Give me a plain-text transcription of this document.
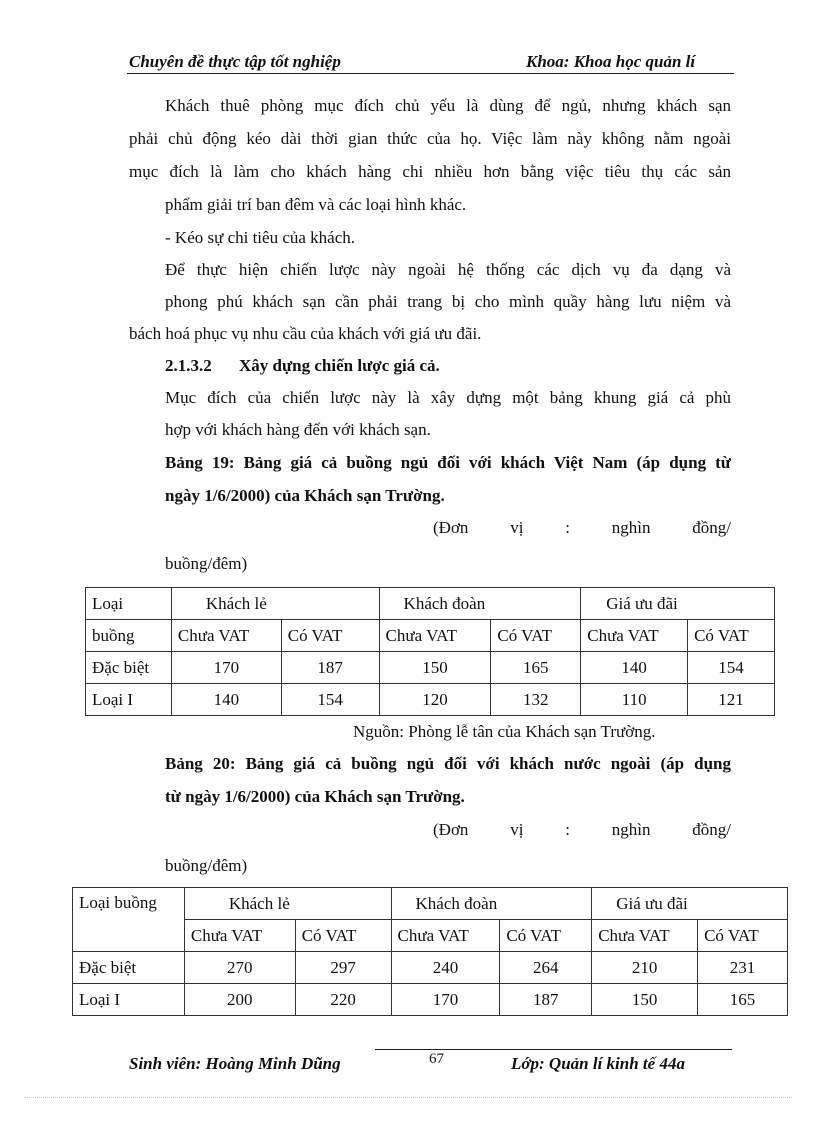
Chuyên đề thực tập tốt nghiệp	Khoa: Khoa học quản lí
Khách thuê phòng mục đích chủ yếu là dùng để ngủ, nhưng khách sạn
phải chủ động kéo dài thời gian thức của họ. Việc làm này không nằm ngoài
mục đích là làm cho khách hàng chi nhiều hơn bằng việc tiêu thụ các sản
phẩm giải trí ban đêm và các loại hình khác.
- Kéo sự chi tiêu của khách.
Để thực hiện chiến lược này ngoài hệ thống các dịch vụ đa dạng và
phong phú khách sạn cần phải trang bị cho mình quầy hàng lưu niệm và
bách hoá phục vụ nhu cầu của khách với giá ưu đãi.
2.1.3.2 Xây dựng chiến lược giá cả.
Mục đích của chiến lược này là xây dựng một bảng khung giá cả phù
hợp với khách hàng đến với khách sạn.
Bảng 19: Bảng giá cả buồng ngủ đối với khách Việt Nam (áp dụng từ
ngày 1/6/2000) của Khách sạn Trường.
(Đơn vị : nghìn đồng/
buồng/đêm)
Loại	Khách lẻ		Khách đoàn		Giá ưu đãi	
buồng	Chưa VAT	Có VAT	Chưa VAT	Có VAT	Chưa VAT	Có VAT
Đặc biệt	170	187	150	165	140	154
Loại I	140	154	120	132	110	121
Nguồn: Phòng lễ tân của Khách sạn Trường.
Bảng 20: Bảng giá cả buồng ngủ đối với khách nước ngoài (áp dụng
từ ngày 1/6/2000) của Khách sạn Trường.
(Đơn vị : nghìn đồng/
buồng/đêm)
Loại buồng	Khách lẻ		Khách đoàn		Giá ưu đãi	
	Chưa VAT	Có VAT	Chưa VAT	Có VAT	Chưa VAT	Có VAT
Đặc biệt	270	297	240	264	210	231
Loại I	200	220	170	187	150	165
Sinh viên: Hoàng Minh Dũng	67	Lớp: Quản lí kinh tế 44a
